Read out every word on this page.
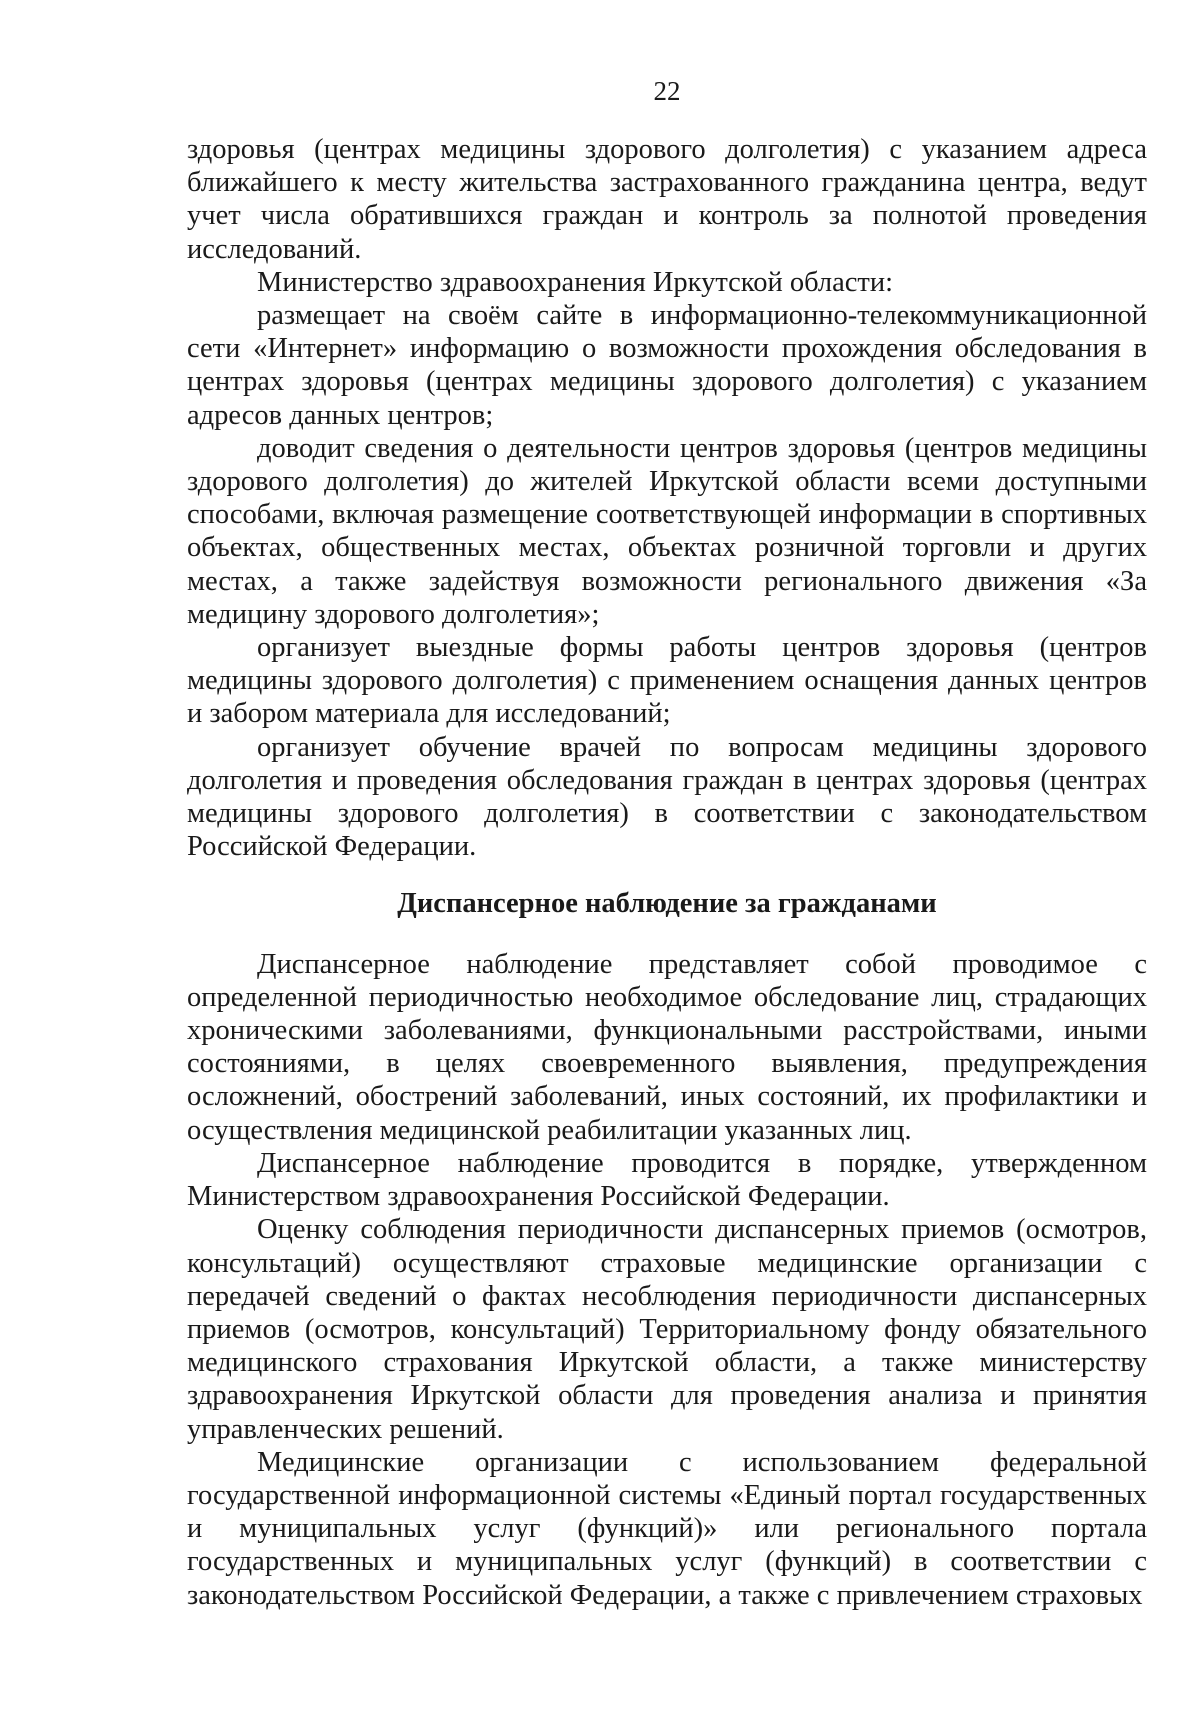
22

здоровья (центрах медицины здорового долголетия) с указанием адреса ближайшего к месту жительства застрахованного гражданина центра, ведут учет числа обратившихся граждан и контроль за полнотой проведения исследований.

Министерство здравоохранения Иркутской области:

размещает на своём сайте в информационно-телекоммуникационной сети «Интернет» информацию о возможности прохождения обследования в центрах здоровья (центрах медицины здорового долголетия) с указанием адресов данных центров;

доводит сведения о деятельности центров здоровья (центров медицины здорового долголетия) до жителей Иркутской области всеми доступными способами, включая размещение соответствующей информации в спортивных объектах, общественных местах, объектах розничной торговли и других местах, а также задействуя возможности регионального движения «За медицину здорового долголетия»;

организует выездные формы работы центров здоровья (центров медицины здорового долголетия) с применением оснащения данных центров и забором материала для исследований;

организует обучение врачей по вопросам медицины здорового долголетия и проведения обследования граждан в центрах здоровья (центрах медицины здорового долголетия) в соответствии с законодательством Российской Федерации.

Диспансерное наблюдение за гражданами

Диспансерное наблюдение представляет собой проводимое с определенной периодичностью необходимое обследование лиц, страдающих хроническими заболеваниями, функциональными расстройствами, иными состояниями, в целях своевременного выявления, предупреждения осложнений, обострений заболеваний, иных состояний, их профилактики и осуществления медицинской реабилитации указанных лиц.

Диспансерное наблюдение проводится в порядке, утвержденном Министерством здравоохранения Российской Федерации.

Оценку соблюдения периодичности диспансерных приемов (осмотров, консультаций) осуществляют страховые медицинские организации с передачей сведений о фактах несоблюдения периодичности диспансерных приемов (осмотров, консультаций) Территориальному фонду обязательного медицинского страхования Иркутской области, а также министерству здравоохранения Иркутской области для проведения анализа и принятия управленческих решений.

Медицинские организации с использованием федеральной государственной информационной системы «Единый портал государственных и муниципальных услуг (функций)» или регионального портала государственных и муниципальных услуг (функций) в соответствии с законодательством Российской Федерации, а также с привлечением страховых
